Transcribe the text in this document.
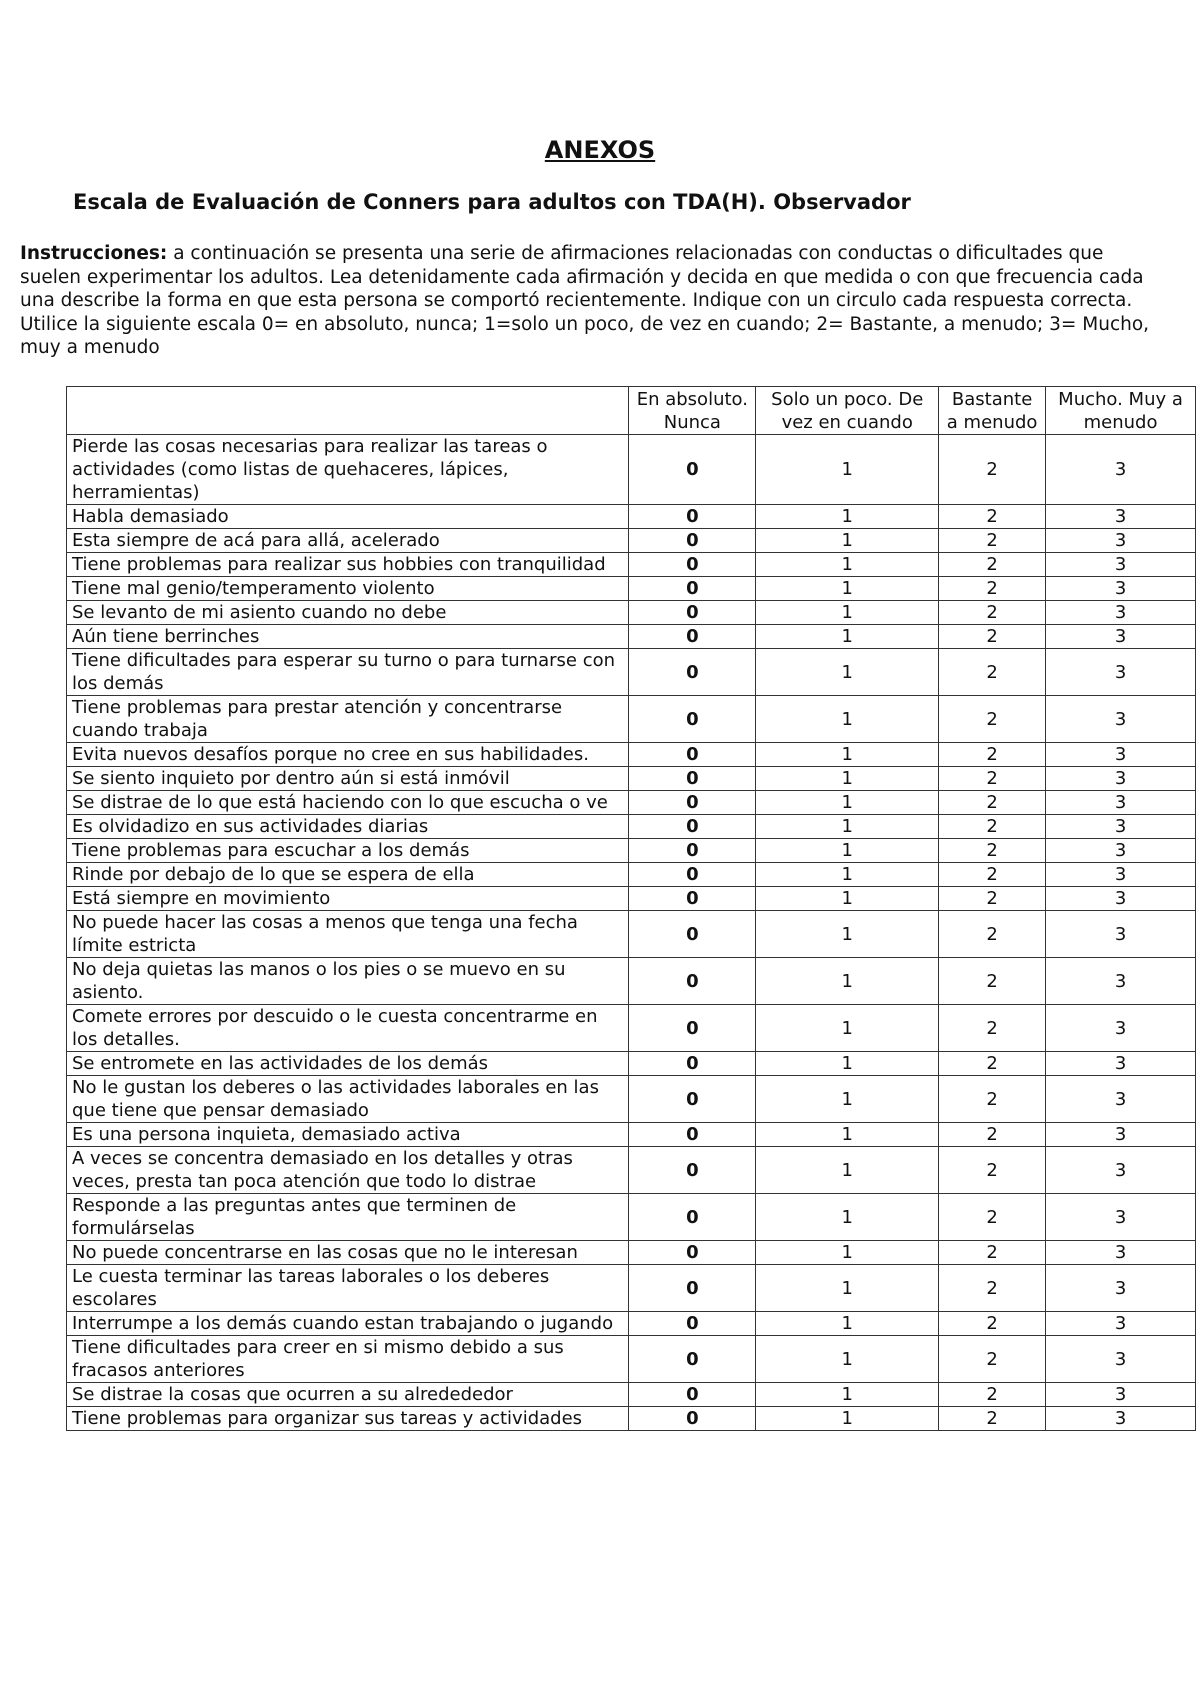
ANEXOS
Escala de Evaluación de Conners para adultos con TDA(H). Observador
Instrucciones: a continuación se presenta una serie de afirmaciones relacionadas con conductas o dificultades que suelen experimentar los adultos. Lea detenidamente cada afirmación y decida en que medida o con que frecuencia cada una describe la forma en que esta persona se comportó recientemente. Indique con un circulo cada respuesta correcta. Utilice la siguiente escala 0= en absoluto, nunca; 1=solo un poco, de vez en cuando; 2= Bastante, a menudo; 3= Mucho, muy a menudo
	En absoluto. Nunca	Solo un poco. De vez en cuando	Bastante a menudo	Mucho. Muy a menudo
Pierde las cosas necesarias para realizar las tareas o actividades (como listas de quehaceres, lápices, herramientas)	0	1	2	3
Habla demasiado	0	1	2	3
Esta siempre de acá para allá, acelerado	0	1	2	3
Tiene problemas para realizar sus hobbies con tranquilidad	0	1	2	3
Tiene mal genio/temperamento violento	0	1	2	3
Se levanto de mi asiento cuando no debe	0	1	2	3
Aún tiene berrinches	0	1	2	3
Tiene dificultades para esperar su turno o para turnarse con los demás	0	1	2	3
Tiene problemas para prestar atención y concentrarse cuando trabaja	0	1	2	3
Evita nuevos desafíos porque no cree en sus habilidades.	0	1	2	3
Se siento inquieto por dentro aún si está inmóvil	0	1	2	3
Se distrae de lo que está haciendo con lo que escucha o ve	0	1	2	3
Es olvidadizo en sus actividades diarias	0	1	2	3
Tiene problemas para escuchar a los demás	0	1	2	3
Rinde por debajo de lo que se espera de ella	0	1	2	3
Está siempre en movimiento	0	1	2	3
No puede hacer las cosas a menos que tenga una fecha límite estricta	0	1	2	3
No deja quietas las manos o los pies o se muevo en su asiento.	0	1	2	3
Comete errores por descuido o le cuesta concentrarme en los detalles.	0	1	2	3
Se entromete en las actividades de los demás	0	1	2	3
No le gustan los deberes o las actividades laborales en las que tiene que pensar demasiado	0	1	2	3
Es una persona inquieta, demasiado activa	0	1	2	3
A veces se concentra demasiado en los detalles y otras veces, presta tan poca atención que todo lo distrae	0	1	2	3
Responde a las preguntas antes que terminen de formulárselas	0	1	2	3
No puede concentrarse en las cosas que no le interesan	0	1	2	3
Le cuesta terminar las tareas laborales o los deberes escolares	0	1	2	3
Interrumpe a los demás cuando estan trabajando o jugando	0	1	2	3
Tiene dificultades para creer en si mismo debido a sus fracasos anteriores	0	1	2	3
Se distrae la cosas que ocurren a su alredededor	0	1	2	3
Tiene problemas para organizar sus tareas y actividades	0	1	2	3
